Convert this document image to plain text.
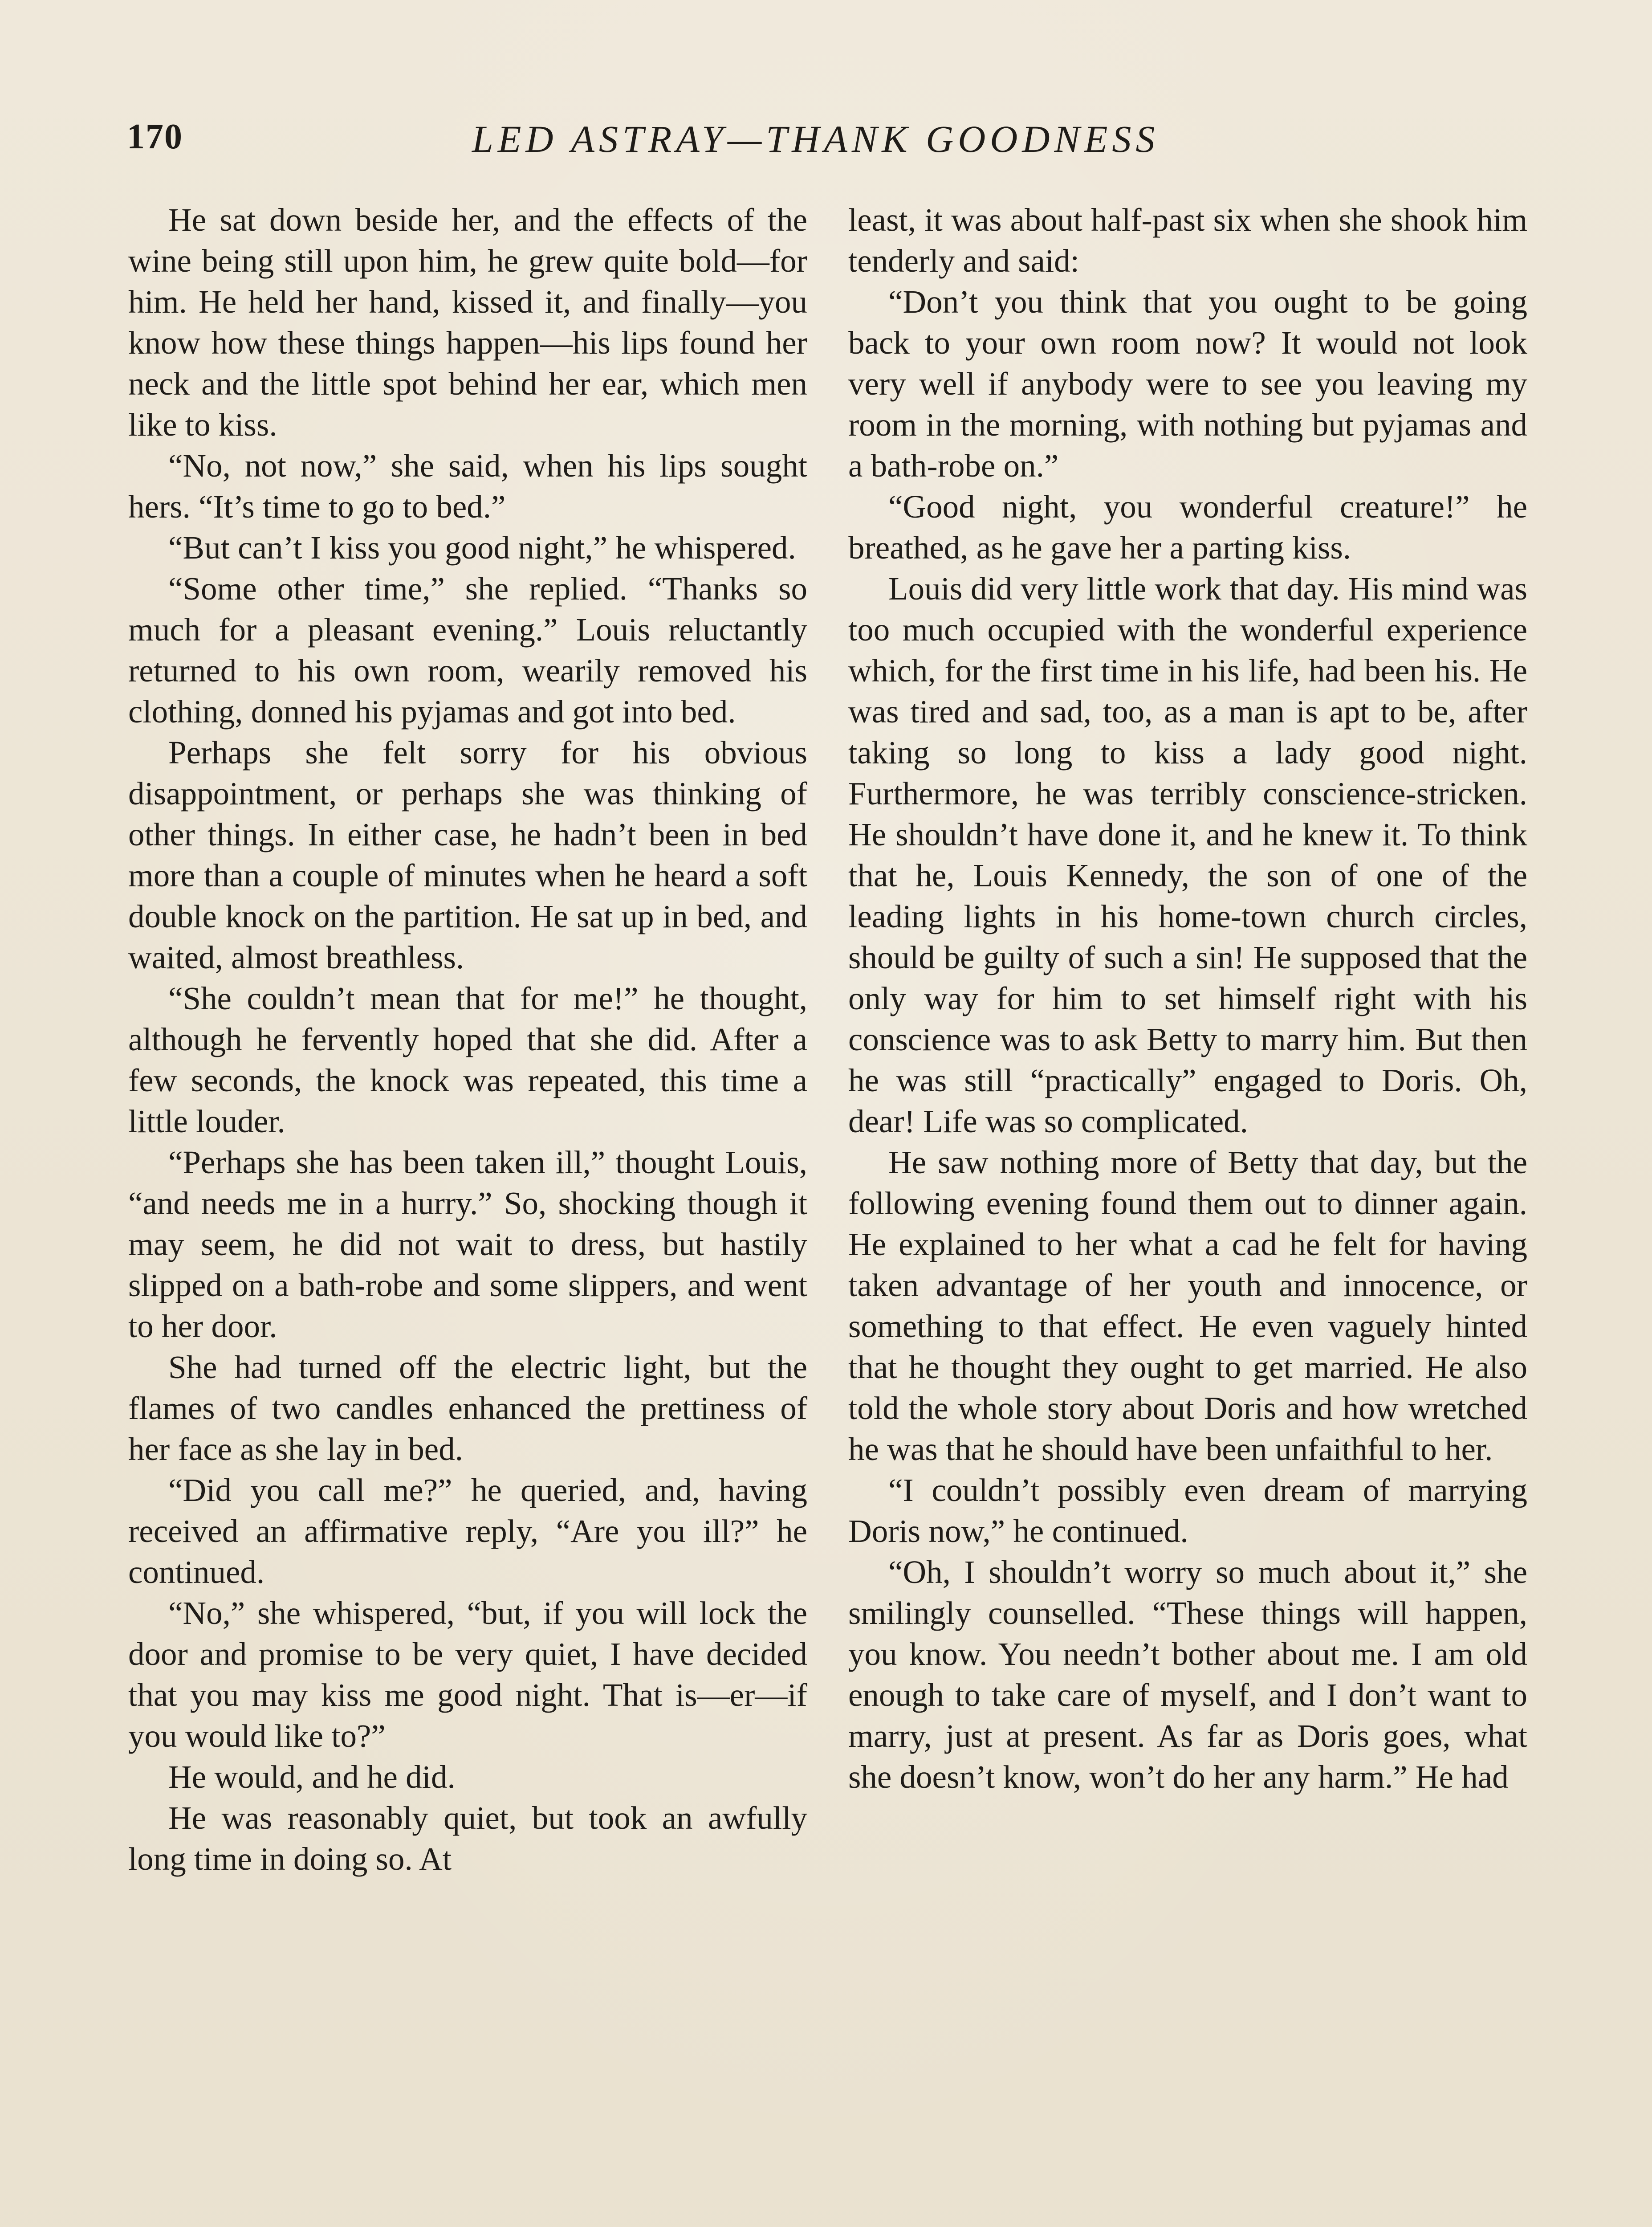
170	LED ASTRAY—THANK GOODNESS

He sat down beside her, and the effects of the wine being still upon him, he grew quite bold—for him. He held her hand, kissed it, and finally—you know how these things happen—his lips found her neck and the little spot behind her ear, which men like to kiss.

“No, not now,” she said, when his lips sought hers. “It’s time to go to bed.”

“But can’t I kiss you good night,” he whispered.

“Some other time,” she replied. “Thanks so much for a pleasant evening.” Louis reluctantly returned to his own room, wearily removed his clothing, donned his pyjamas and got into bed.

Perhaps she felt sorry for his obvious disappointment, or perhaps she was thinking of other things. In either case, he hadn’t been in bed more than a couple of minutes when he heard a soft double knock on the partition. He sat up in bed, and waited, almost breathless.

“She couldn’t mean that for me!” he thought, although he fervently hoped that she did. After a few seconds, the knock was repeated, this time a little louder.

“Perhaps she has been taken ill,” thought Louis, “and needs me in a hurry.” So, shocking though it may seem, he did not wait to dress, but hastily slipped on a bath-robe and some slippers, and went to her door.

She had turned off the electric light, but the flames of two candles enhanced the prettiness of her face as she lay in bed.

“Did you call me?” he queried, and, having received an affirmative reply, “Are you ill?” he continued.

“No,” she whispered, “but, if you will lock the door and promise to be very quiet, I have decided that you may kiss me good night. That is—er—if you would like to?”

He would, and he did.

He was reasonably quiet, but took an awfully long time in doing so. At

least, it was about half-past six when she shook him tenderly and said:

“Don’t you think that you ought to be going back to your own room now? It would not look very well if anybody were to see you leaving my room in the morning, with nothing but pyjamas and a bath-robe on.”

“Good night, you wonderful creature!” he breathed, as he gave her a parting kiss.

Louis did very little work that day. His mind was too much occupied with the wonderful experience which, for the first time in his life, had been his. He was tired and sad, too, as a man is apt to be, after taking so long to kiss a lady good night. Furthermore, he was terribly conscience-stricken. He shouldn’t have done it, and he knew it. To think that he, Louis Kennedy, the son of one of the leading lights in his home-town church circles, should be guilty of such a sin! He supposed that the only way for him to set himself right with his conscience was to ask Betty to marry him. But then he was still “practically” engaged to Doris. Oh, dear! Life was so complicated.

He saw nothing more of Betty that day, but the following evening found them out to dinner again. He explained to her what a cad he felt for having taken advantage of her youth and innocence, or something to that effect. He even vaguely hinted that he thought they ought to get married. He also told the whole story about Doris and how wretched he was that he should have been unfaithful to her.

“I couldn’t possibly even dream of marrying Doris now,” he continued.

“Oh, I shouldn’t worry so much about it,” she smilingly counselled. “These things will happen, you know. You needn’t bother about me. I am old enough to take care of myself, and I don’t want to marry, just at present. As far as Doris goes, what she doesn’t know, won’t do her any harm.” He had
